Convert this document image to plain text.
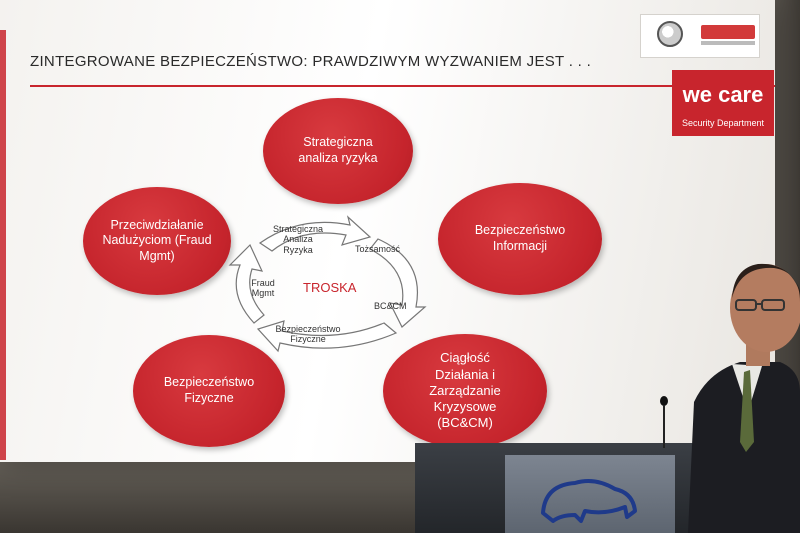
ZINTEGROWANE BEZPIECZEŃSTWO: PRAWDZIWYM WYZWANIEM JEST . . .
we care
Security Department
Strategiczna analiza ryzyka
Bezpieczeństwo Informacji
Przeciwdziałanie Nadużyciom (Fraud Mgmt)
Bezpieczeństwo Fizyczne
Ciągłość Działania i Zarządzanie Kryzysowe (BC&CM)
Strategiczna Analiza Ryzyka	Tożsamość
BC&CM
Bezpieczeństwo Fizyczne
Fraud Mgmt	TROSKA
